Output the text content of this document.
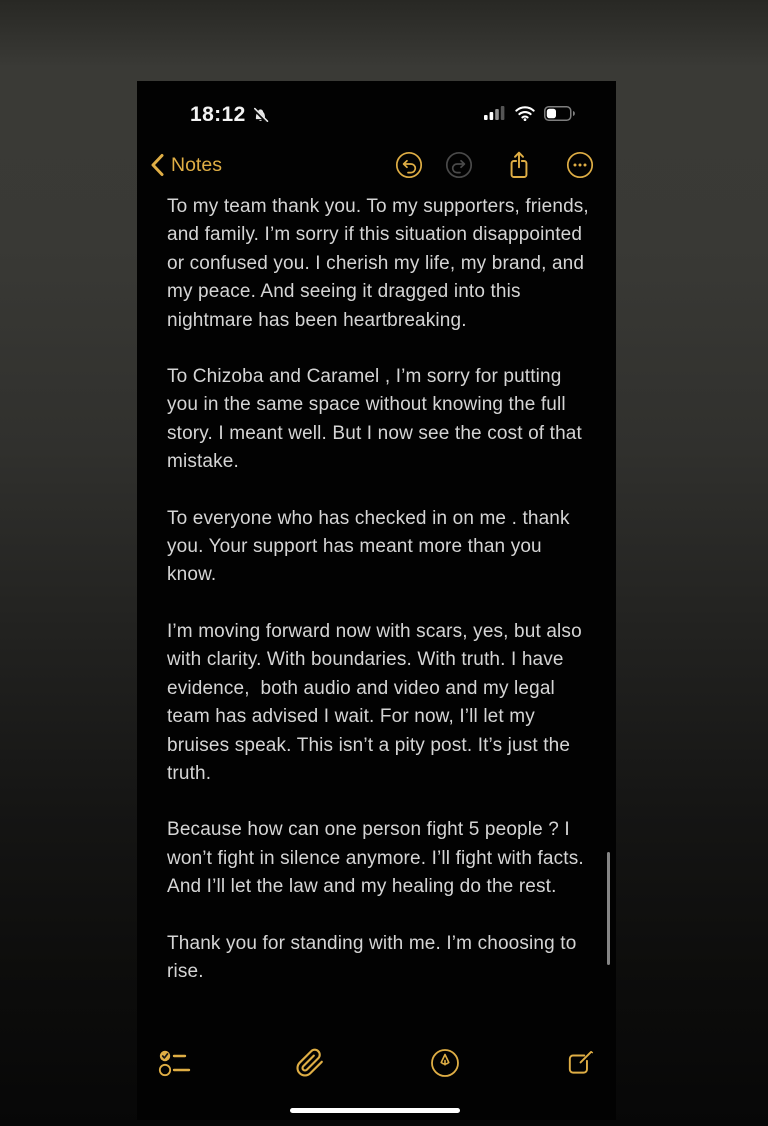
18:12
Notes

To my team thank you. To my supporters, friends, and family. I’m sorry if this situation disappointed or confused you. I cherish my life, my brand, and my peace. And seeing it dragged into this nightmare has been heartbreaking.

To Chizoba and Caramel , I’m sorry for putting you in the same space without knowing the full story. I meant well. But I now see the cost of that mistake.

To everyone who has checked in on me . thank you. Your support has meant more than you know.

I’m moving forward now with scars, yes, but also with clarity. With boundaries. With truth. I have evidence,  both audio and video and my legal team has advised I wait. For now, I’ll let my bruises speak. This isn’t a pity post. It’s just the truth.

Because how can one person fight 5 people ? I won’t fight in silence anymore. I’ll fight with facts. And I’ll let the law and my healing do the rest.

Thank you for standing with me. I’m choosing to rise.
